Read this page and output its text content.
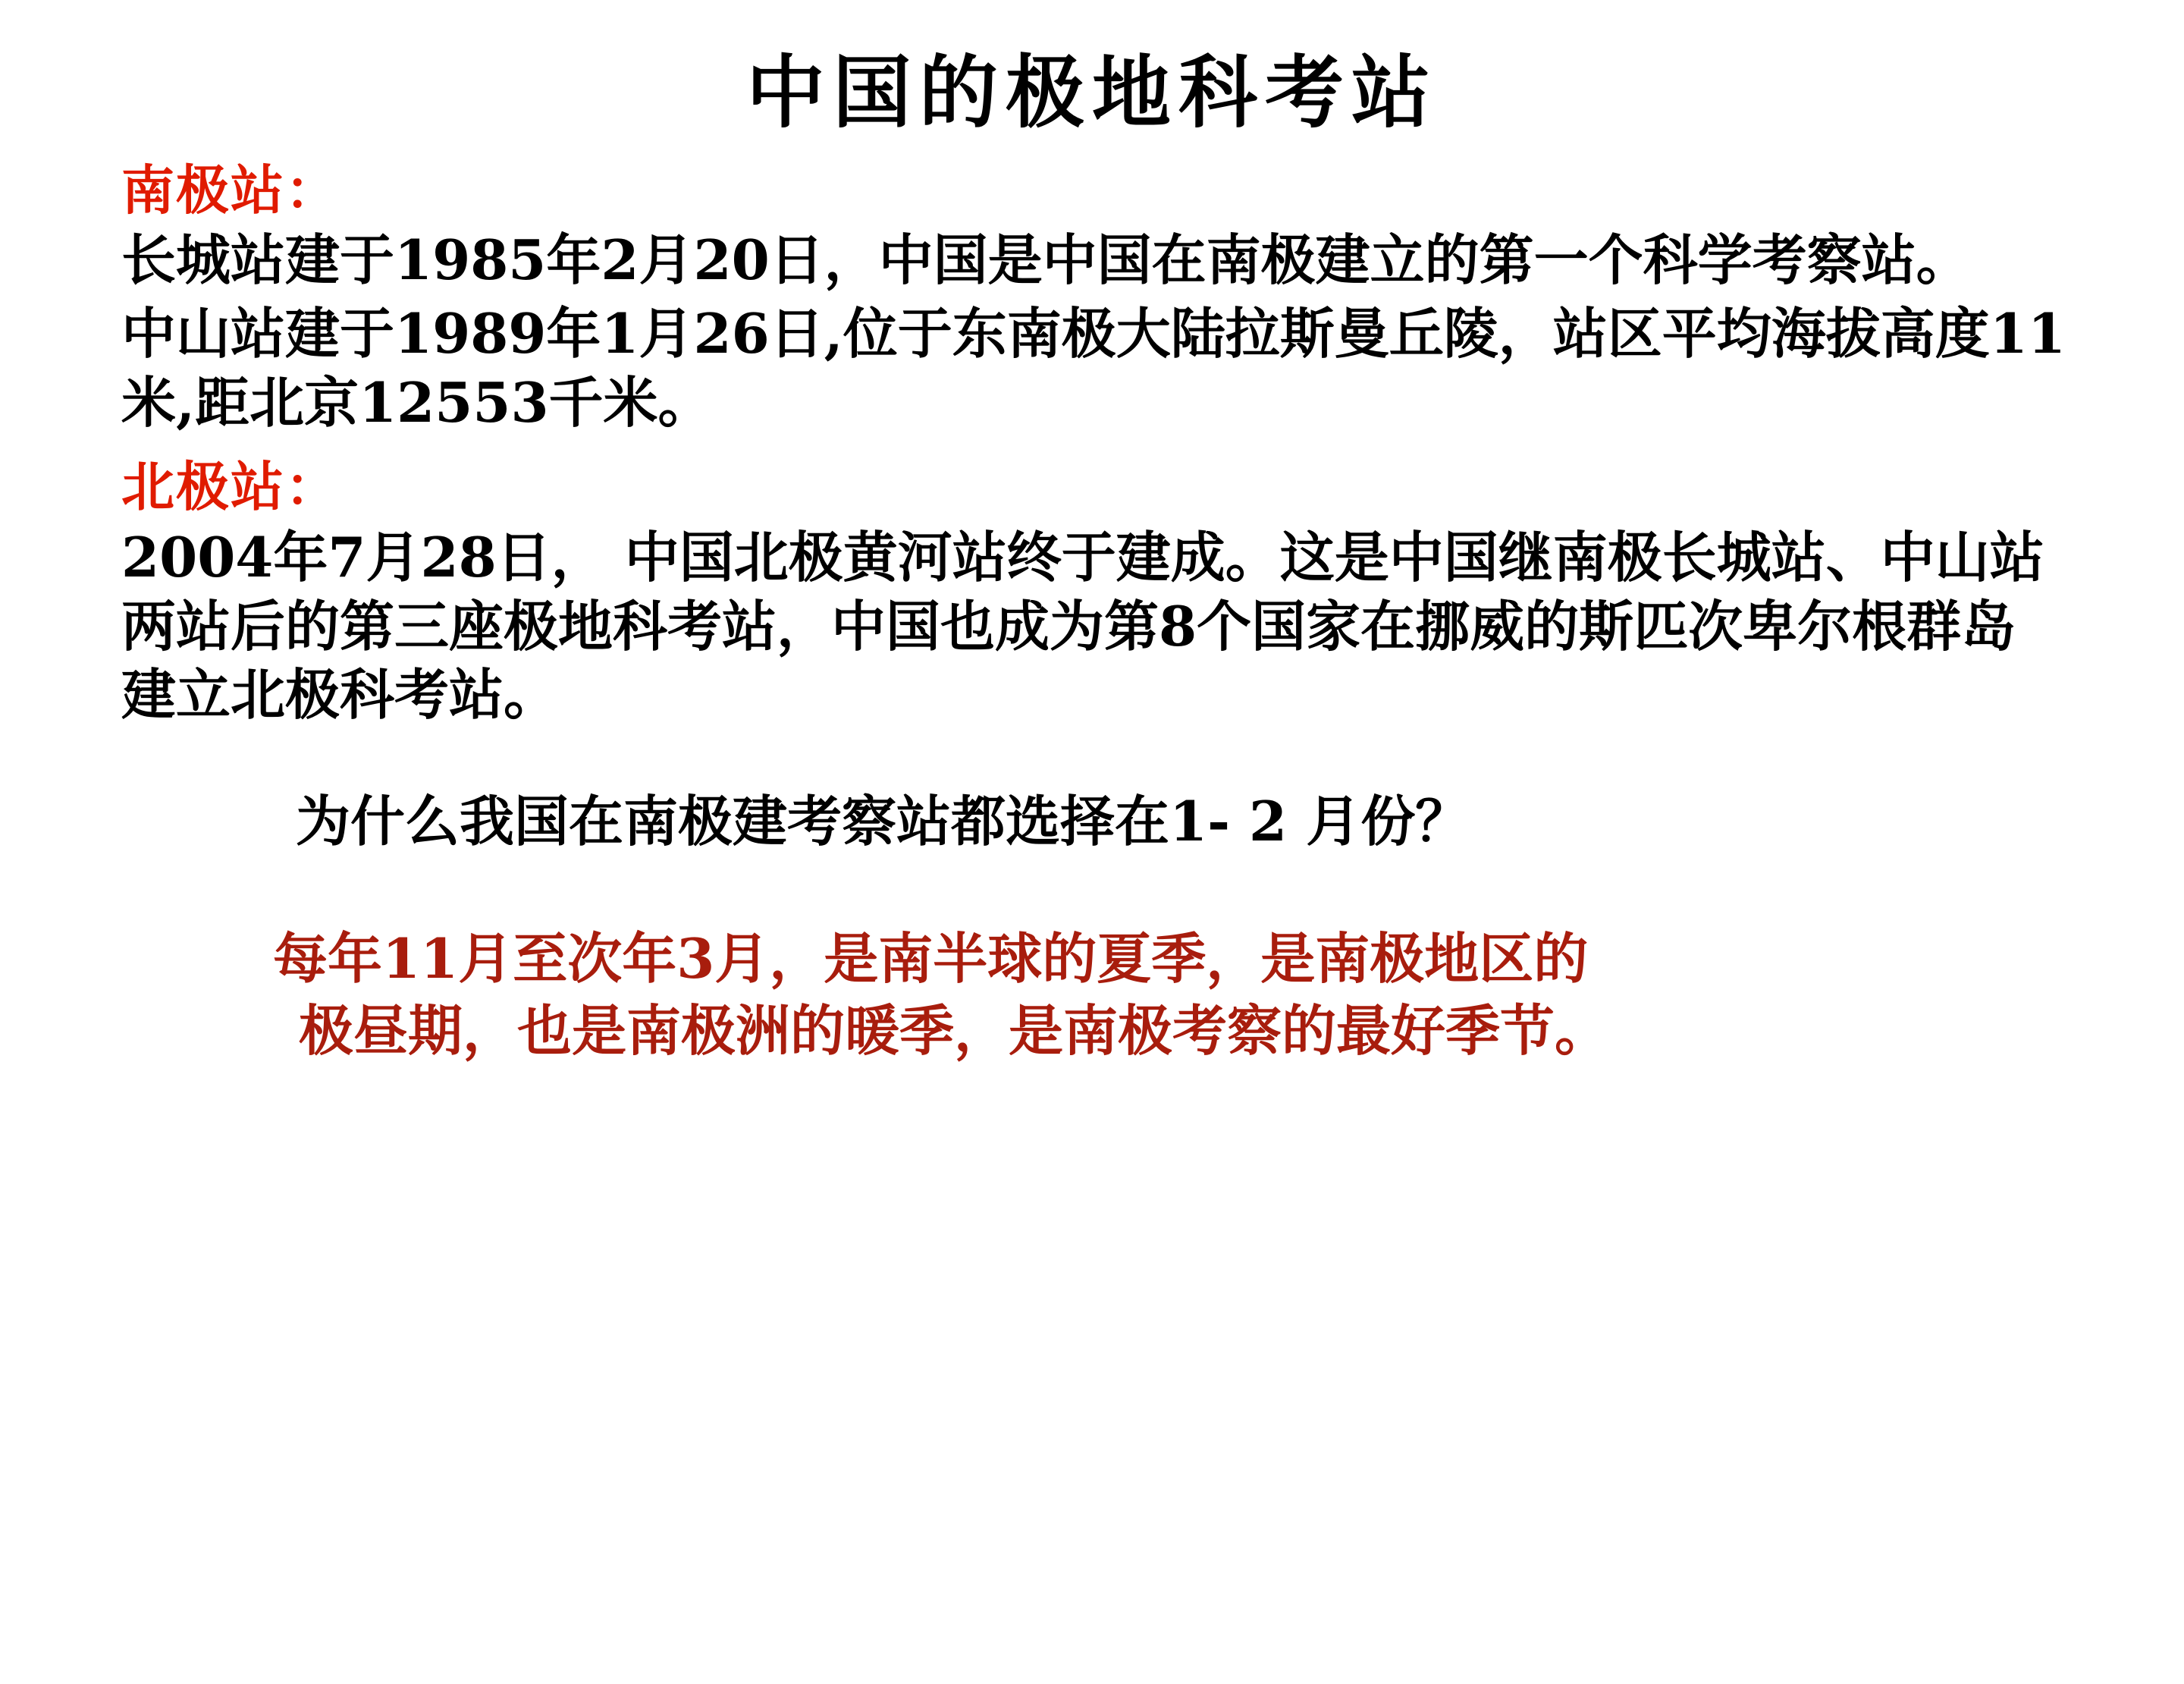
中国的极地科考站
南极站：

长城站建于1985年2月20日，中国是中国在南极建立的第一个科学考察站。

中山站建于1989年1月26日,位于东南极大陆拉斯曼丘陵，站区平均海拔高度11米,距北京12553千米。

北极站：

2004年7月28日， 中国北极黄河站终于建成。这是中国继南极长城站、中山站两站后的第三座极地科考站，中国也成为第8个国家在挪威的斯匹次卑尔根群岛建立北极科考站。

为什么我国在南极建考察站都选择在1- 2 月份？

每年11月至次年3月，是南半球的夏季，是南极地区的
极昼期，也是南极洲的暖季，是南极考察的最好季节。
